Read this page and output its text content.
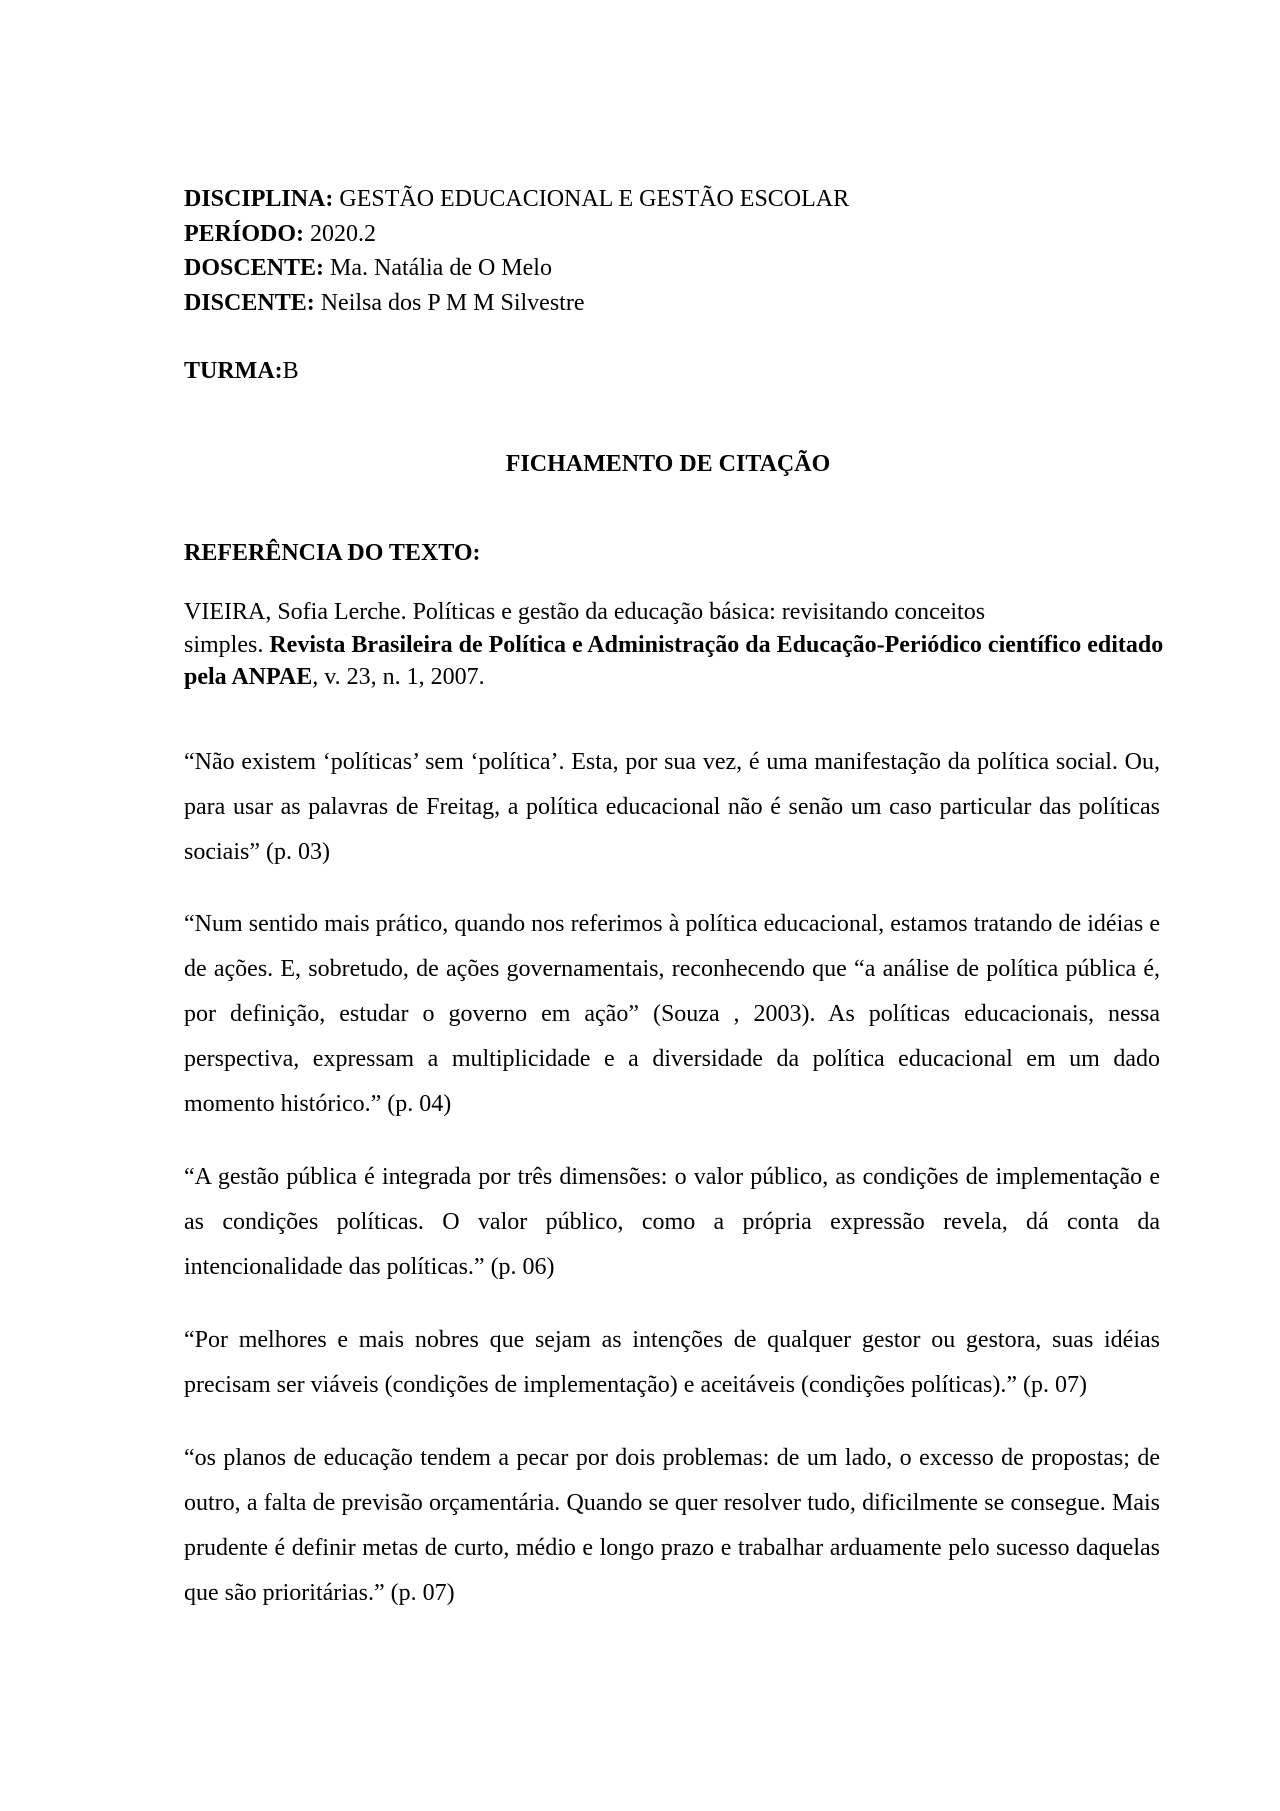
DISCIPLINA: GESTÃO EDUCACIONAL E GESTÃO ESCOLAR
PERÍODO: 2020.2
DOSCENTE: Ma. Natália de O Melo
DISCENTE: Neilsa dos P M M Silvestre
TURMA:B
FICHAMENTO DE CITAÇÃO
REFERÊNCIA DO TEXTO:
VIEIRA, Sofia Lerche. Políticas e gestão da educação básica: revisitando conceitos
simples. Revista Brasileira de Política e Administração da Educação-Periódico científico editado pela ANPAE, v. 23, n. 1, 2007.

“Não existem ‘políticas’ sem ‘política’. Esta, por sua vez, é uma manifestação da política social. Ou, para usar as palavras de Freitag, a política educacional não é senão um caso particular das políticas sociais” (p. 03)

“Num sentido mais prático, quando nos referimos à política educacional, estamos tratando de idéias e de ações. E, sobretudo, de ações governamentais, reconhecendo que “a análise de política pública é, por definição, estudar o governo em ação” (Souza , 2003). As políticas educacionais, nessa perspectiva, expressam a multiplicidade e a diversidade da política educacional em um dado momento histórico.” (p. 04)

“A gestão pública é integrada por três dimensões: o valor público, as condições de implementação e as condições políticas. O valor público, como a própria expressão revela, dá conta da intencionalidade das políticas.” (p. 06)

“Por melhores e mais nobres que sejam as intenções de qualquer gestor ou gestora, suas idéias precisam ser viáveis (condições de implementação) e aceitáveis (condições políticas).” (p. 07)

“os planos de educação tendem a pecar por dois problemas: de um lado, o excesso de propostas; de outro, a falta de previsão orçamentária. Quando se quer resolver tudo, dificilmente se consegue. Mais prudente é definir metas de curto, médio e longo prazo e trabalhar arduamente pelo sucesso daquelas que são prioritárias.” (p. 07)
